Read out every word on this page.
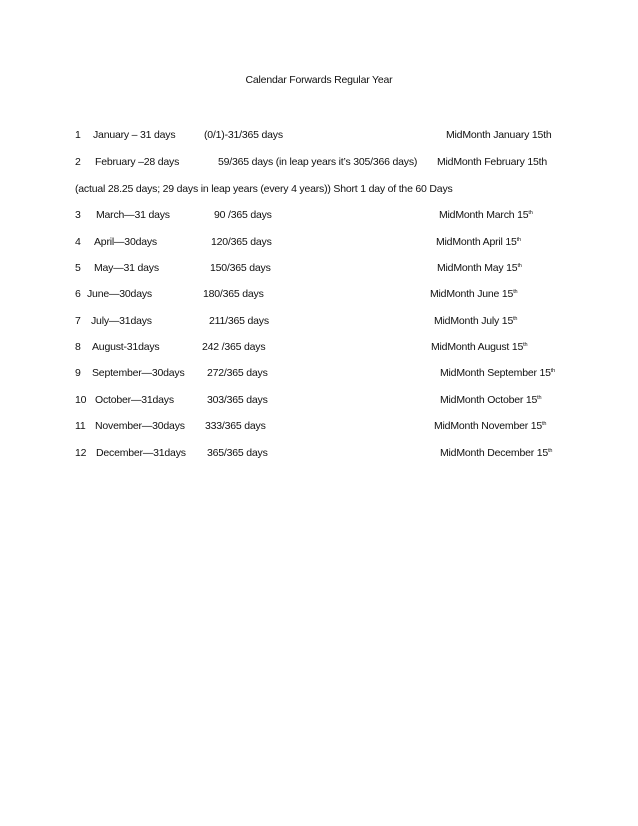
Calendar Forwards Regular Year
1 January – 31 days	(0/1)-31/365 days	MidMonth January 15th
2 February –28 days	59/365 days (in leap years it’s 305/366 days) MidMonth February 15th
(actual 28.25 days; 29 days in leap years (every 4 years)) Short 1 day of the 60 Days
3 March—31 days	90 /365 days	MidMonth March 15th
4 April—30days	120/365 days	MidMonth April 15th
5 May—31 days	150/365 days	MidMonth May 15th
6 June—30days	180/365 days	MidMonth June 15th
7 July—31days	211/365 days	MidMonth July 15th
8 August-31days	242 /365 days	MidMonth August 15th
9 September—30days 272/365 days	MidMonth September 15th
10 October—31days	303/365 days	MidMonth October 15th
11 November—30days 333/365 days	MidMonth November 15th
12 December—31days 365/365 days	MidMonth December 15th
